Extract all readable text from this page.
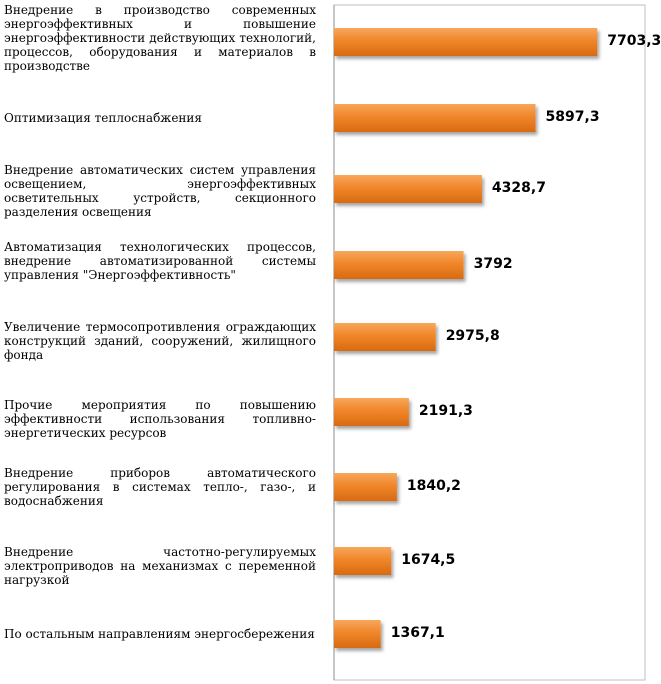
7703,3
Внедрение в производство современных энергоэффективных и повышение энергоэффективности действующих технологий, процессов, оборудования и материалов в производстве
5897,3
Оптимизация теплоснабжения
4328,7
Внедрение автоматических систем управления освещением, энергоэффективных осветительных устройств, секционного разделения освещения
3792
Автоматизация технологических процессов, внедрение автоматизированной системы управления "Энергоэффективность"
2975,8
Увеличение термосопротивления ограждающих конструкций зданий, сооружений, жилищного фонда
2191,3
Прочие мероприятия по повышению эффективности использования топливно-энергетических ресурсов
1840,2
Внедрение приборов автоматического регулирования в системах тепло-, газо-, и водоснабжения
1674,5
Внедрение частотно-регулируемых электроприводов на механизмах с переменной нагрузкой
1367,1
По остальным направлениям энергосбережения
